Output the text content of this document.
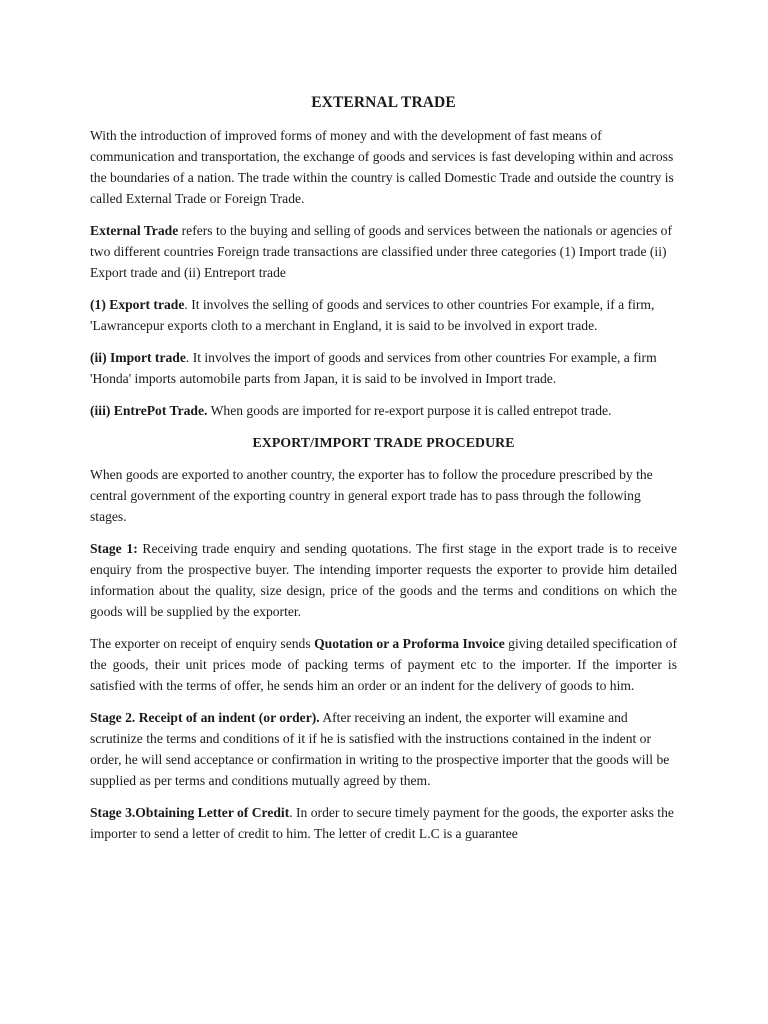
EXTERNAL TRADE

With the introduction of improved forms of money and with the development of fast means of communication and transportation, the exchange of goods and services is fast developing within and across the boundaries of a nation. The trade within the country is called Domestic Trade and outside the country is called External Trade or Foreign Trade.

External Trade refers to the buying and selling of goods and services between the nationals or agencies of two different countries Foreign trade transactions are classified under three categories (1) Import trade (ii) Export trade and (ii) Entreport trade

(1) Export trade. It involves the selling of goods and services to other countries For example, if a firm, 'Lawrancepur exports cloth to a merchant in England, it is said to be involved in export trade.

(ii) Import trade. It involves the import of goods and services from other countries For example, a firm 'Honda' imports automobile parts from Japan, it is said to be involved in Import trade.

(iii) EntrePot Trade. When goods are imported for re-export purpose it is called entrepot trade.

EXPORT/IMPORT TRADE PROCEDURE

When goods are exported to another country, the exporter has to follow the procedure prescribed by the central government of the exporting country in general export trade has to pass through the following stages.

Stage 1: Receiving trade enquiry and sending quotations. The first stage in the export trade is to receive enquiry from the prospective buyer. The intending importer requests the exporter to provide him detailed information about the quality, size design, price of the goods and the terms and conditions on which the goods will be supplied by the exporter.

The exporter on receipt of enquiry sends Quotation or a Proforma Invoice giving detailed specification of the goods, their unit prices mode of packing terms of payment etc to the importer. If the importer is satisfied with the terms of offer, he sends him an order or an indent for the delivery of goods to him.

Stage 2. Receipt of an indent (or order). After receiving an indent, the exporter will examine and scrutinize the terms and conditions of it if he is satisfied with the instructions contained in the indent or order, he will send acceptance or confirmation in writing to the prospective importer that the goods will be supplied as per terms and conditions mutually agreed by them.

Stage 3.Obtaining Letter of Credit. In order to secure timely payment for the goods, the exporter asks the importer to send a letter of credit to him. The letter of credit L.C is a guarantee
